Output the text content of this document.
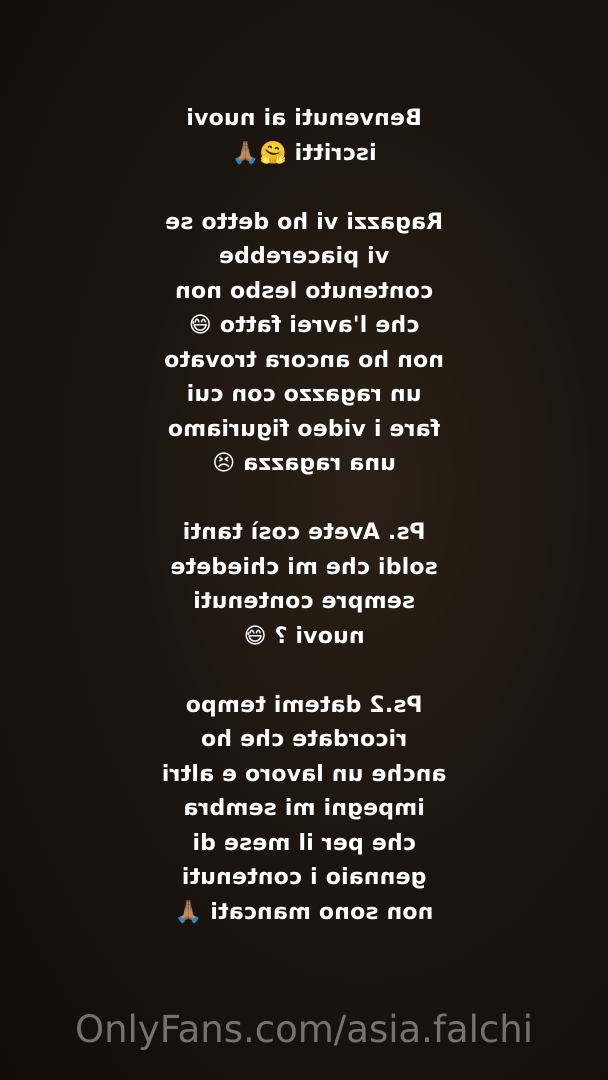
Benvenuti ai nuovi
iscritti 🤗🙏🏽
Ragazzi vi ho detto se
vi piacerebbe
contenuto lesbo non
che l'avrei fatto 😅
non ho ancora trovato
un ragazzo con cui
fare i video figuriamo
una ragazza 😣
Ps. Avete così tanti
soldi che mi chiedete
sempre contenuti
nuovi ? 😅
Ps.2 datemi tempo
ricordate che ho
anche un lavoro e altri
impegni mi sembra
che per il mese di
gennaio i contenuti
non sono mancati 🙏🏽
OnlyFans.com/asia.falchi
